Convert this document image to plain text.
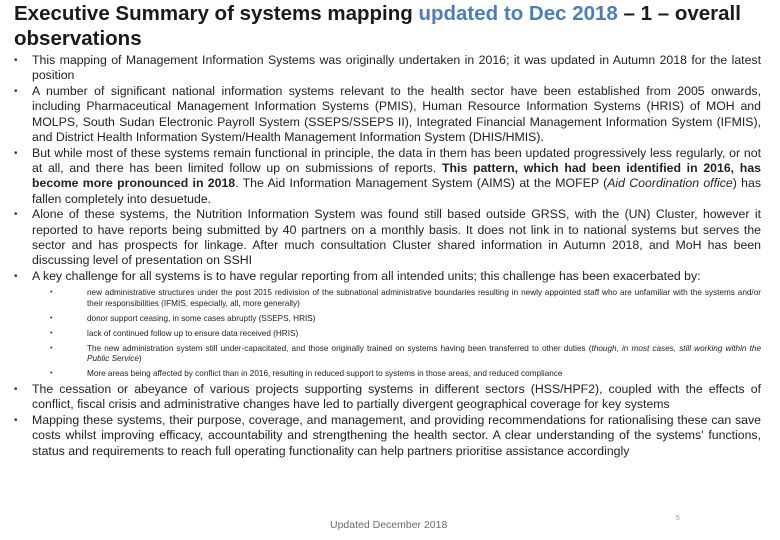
Executive Summary of systems mapping updated to Dec 2018 – 1 – overall observations
• This mapping of Management Information Systems was originally undertaken in 2016; it was updated in Autumn 2018 for the latest position
• A number of significant national information systems relevant to the health sector have been established from 2005 onwards, including Pharmaceutical Management Information Systems (PMIS), Human Resource Information Systems (HRIS) of MOH and MOLPS, South Sudan Electronic Payroll System (SSEPS/SSEPS II), Integrated Financial Management Information System (IFMIS), and District Health Information System/Health Management Information System (DHIS/HMIS).
• But while most of these systems remain functional in principle, the data in them has been updated progressively less regularly, or not at all, and there has been limited follow up on submissions of reports. This pattern, which had been identified in 2016, has become more pronounced in 2018. The Aid Information Management System (AIMS) at the MOFEP (Aid Coordination office) has fallen completely into desuetude.
• Alone of these systems, the Nutrition Information System was found still based outside GRSS, with the (UN) Cluster, however it reported to have reports being submitted by 40 partners on a monthly basis. It does not link in to national systems but serves the sector and has prospects for linkage. After much consultation Cluster shared information in Autumn 2018, and MoH has been discussing level of presentation on SSHI
• A key challenge for all systems is to have regular reporting from all intended units; this challenge has been exacerbated by:
•	new administrative structures under the post 2015 redivision of the subnational administrative boundaries resulting in newly appointed staff who are unfamiliar with the systems and/or their responsibilities (IFMIS, especially, all, more generally)
•	donor support ceasing, in some cases abruptly (SSEPS, HRIS)
•	lack of continued follow up to ensure data received (HRIS)
•	The new administration system still under-capacitated, and those originally trained on systems having been transferred to other duties (though, in most cases, still working within the Public Service)
•	More areas being affected by conflict than in 2016, resulting in reduced support to systems in those areas, and reduced compliance
• The cessation or abeyance of various projects supporting systems in different sectors (HSS/HPF2), coupled with the effects of conflict, fiscal crisis and administrative changes have led to partially divergent geographical coverage for key systems
• Mapping these systems, their purpose, coverage, and management, and providing recommendations for rationalising these can save costs whilst improving efficacy, accountability and strengthening the health sector. A clear understanding of the systems' functions, status and requirements to reach full operating functionality can help partners prioritise assistance accordingly
5
Updated December 2018
